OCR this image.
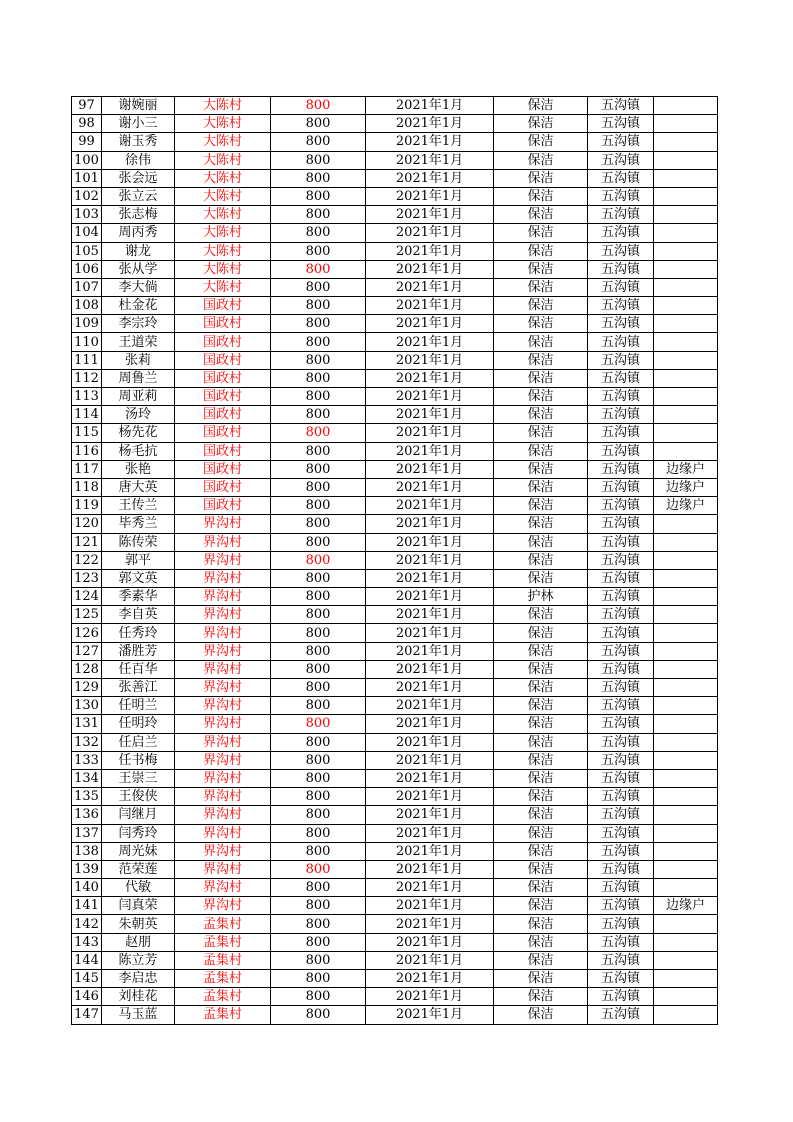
97	谢婉丽	大陈村	800	2021年1月	保洁	五沟镇	
98	谢小三	大陈村	800	2021年1月	保洁	五沟镇	
99	谢玉秀	大陈村	800	2021年1月	保洁	五沟镇	
100	徐伟	大陈村	800	2021年1月	保洁	五沟镇	
101	张会远	大陈村	800	2021年1月	保洁	五沟镇	
102	张立云	大陈村	800	2021年1月	保洁	五沟镇	
103	张志梅	大陈村	800	2021年1月	保洁	五沟镇	
104	周丙秀	大陈村	800	2021年1月	保洁	五沟镇	
105	谢龙	大陈村	800	2021年1月	保洁	五沟镇	
106	张从学	大陈村	800	2021年1月	保洁	五沟镇	
107	李大倘	大陈村	800	2021年1月	保洁	五沟镇	
108	杜金花	国政村	800	2021年1月	保洁	五沟镇	
109	李宗玲	国政村	800	2021年1月	保洁	五沟镇	
110	王道荣	国政村	800	2021年1月	保洁	五沟镇	
111	张莉	国政村	800	2021年1月	保洁	五沟镇	
112	周鲁兰	国政村	800	2021年1月	保洁	五沟镇	
113	周亚莉	国政村	800	2021年1月	保洁	五沟镇	
114	汤玲	国政村	800	2021年1月	保洁	五沟镇	
115	杨先花	国政村	800	2021年1月	保洁	五沟镇	
116	杨毛抗	国政村	800	2021年1月	保洁	五沟镇	
117	张艳	国政村	800	2021年1月	保洁	五沟镇	边缘户
118	唐大英	国政村	800	2021年1月	保洁	五沟镇	边缘户
119	王传兰	国政村	800	2021年1月	保洁	五沟镇	边缘户
120	毕秀兰	界沟村	800	2021年1月	保洁	五沟镇	
121	陈传荣	界沟村	800	2021年1月	保洁	五沟镇	
122	郭平	界沟村	800	2021年1月	保洁	五沟镇	
123	郭文英	界沟村	800	2021年1月	保洁	五沟镇	
124	季素华	界沟村	800	2021年1月	护林	五沟镇	
125	李自英	界沟村	800	2021年1月	保洁	五沟镇	
126	任秀玲	界沟村	800	2021年1月	保洁	五沟镇	
127	潘胜芳	界沟村	800	2021年1月	保洁	五沟镇	
128	任百华	界沟村	800	2021年1月	保洁	五沟镇	
129	张善江	界沟村	800	2021年1月	保洁	五沟镇	
130	任明兰	界沟村	800	2021年1月	保洁	五沟镇	
131	任明玲	界沟村	800	2021年1月	保洁	五沟镇	
132	任启兰	界沟村	800	2021年1月	保洁	五沟镇	
133	任书梅	界沟村	800	2021年1月	保洁	五沟镇	
134	王崇三	界沟村	800	2021年1月	保洁	五沟镇	
135	王俊侠	界沟村	800	2021年1月	保洁	五沟镇	
136	闫继月	界沟村	800	2021年1月	保洁	五沟镇	
137	闫秀玲	界沟村	800	2021年1月	保洁	五沟镇	
138	周光妹	界沟村	800	2021年1月	保洁	五沟镇	
139	范荣莲	界沟村	800	2021年1月	保洁	五沟镇	
140	代敏	界沟村	800	2021年1月	保洁	五沟镇	
141	闫真荣	界沟村	800	2021年1月	保洁	五沟镇	边缘户
142	朱朝英	孟集村	800	2021年1月	保洁	五沟镇	
143	赵朋	孟集村	800	2021年1月	保洁	五沟镇	
144	陈立芳	孟集村	800	2021年1月	保洁	五沟镇	
145	李启忠	孟集村	800	2021年1月	保洁	五沟镇	
146	刘桂花	孟集村	800	2021年1月	保洁	五沟镇	
147	马玉蓝	孟集村	800	2021年1月	保洁	五沟镇	
